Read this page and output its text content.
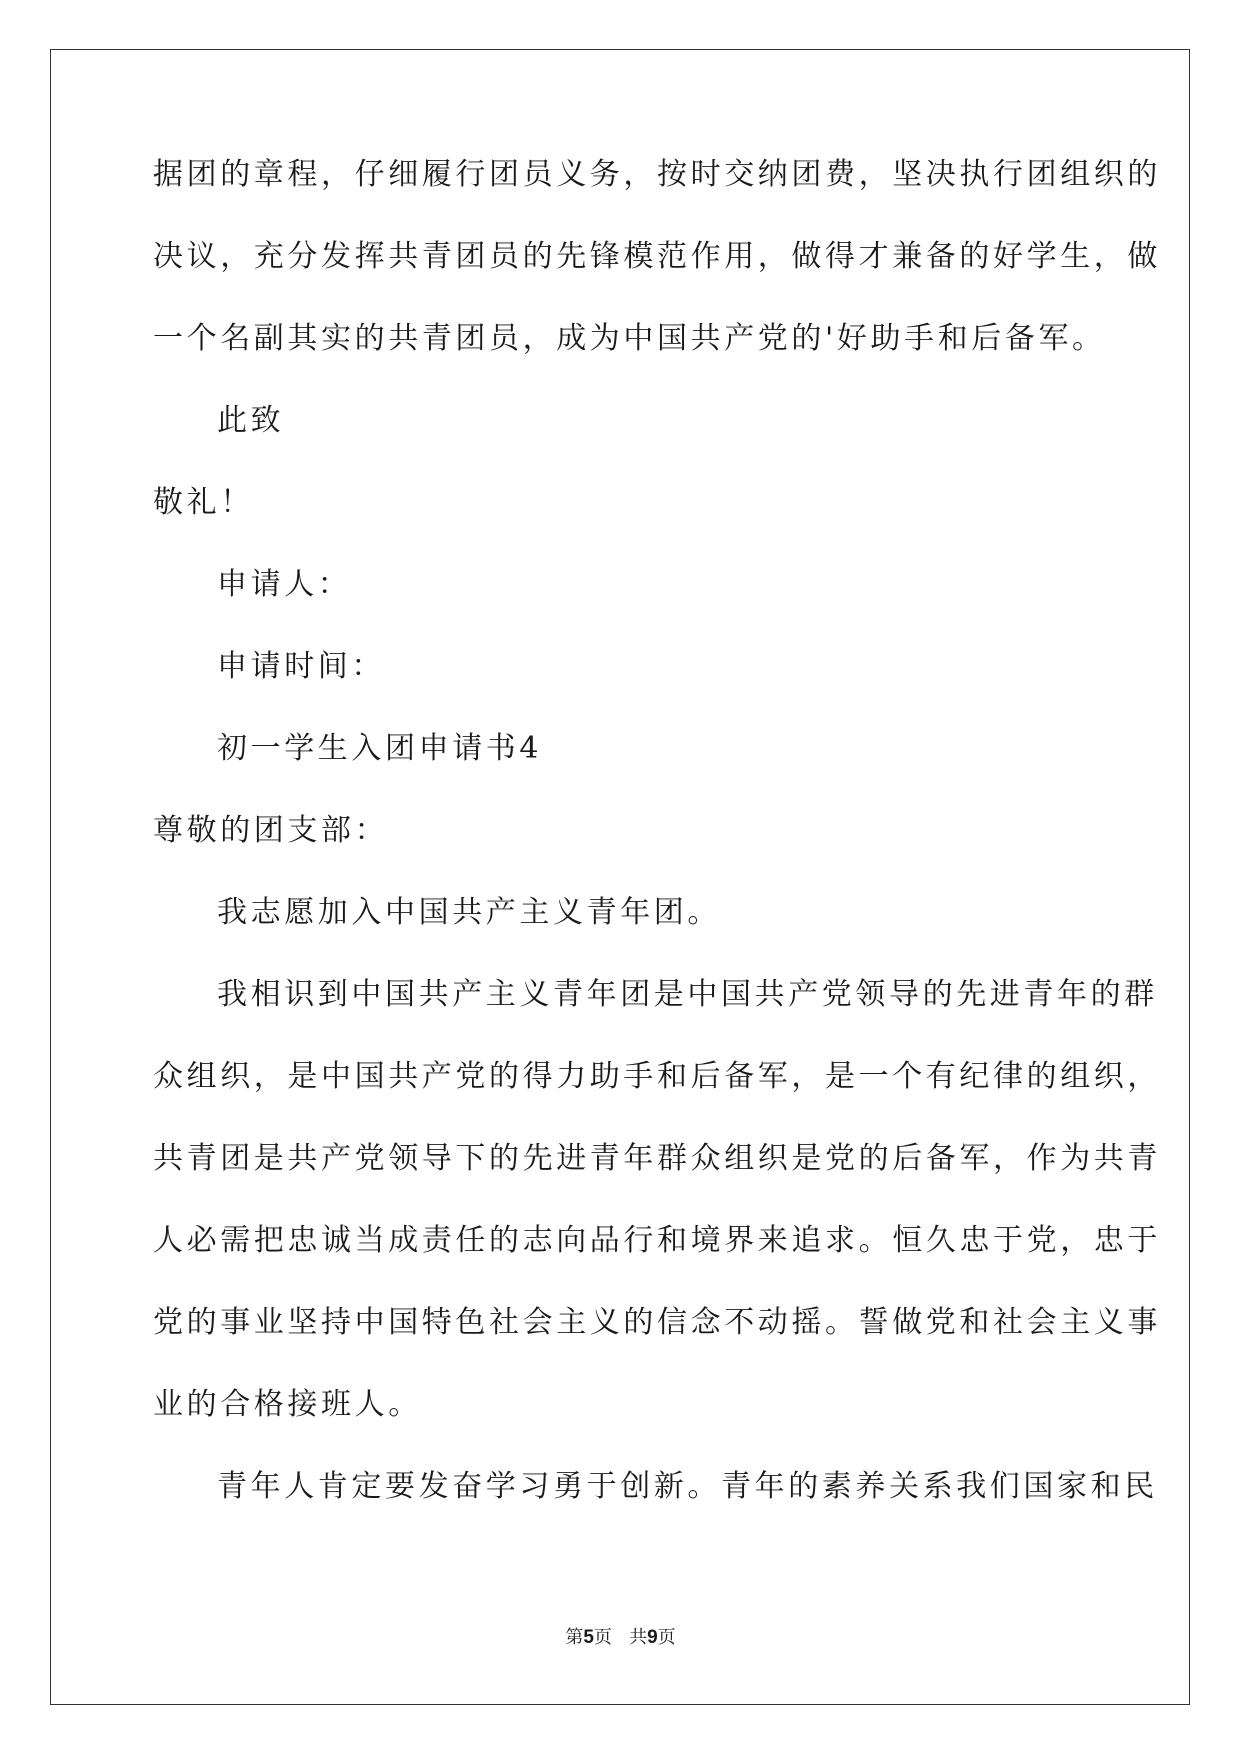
据团的章程，仔细履行团员义务，按时交纳团费，坚决执行团组织的
决议，充分发挥共青团员的先锋模范作用，做得才兼备的好学生，做
一个名副其实的共青团员，成为中国共产党的'好助手和后备军。
此致
敬礼！
申请人：
申请时间：
初一学生入团申请书4
尊敬的团支部：
我志愿加入中国共产主义青年团。
我相识到中国共产主义青年团是中国共产党领导的先进青年的群
众组织，是中国共产党的得力助手和后备军，是一个有纪律的组织，
共青团是共产党领导下的先进青年群众组织是党的后备军，作为共青
人必需把忠诚当成责任的志向品行和境界来追求。恒久忠于党，忠于
党的事业坚持中国特色社会主义的信念不动摇。誓做党和社会主义事
业的合格接班人。
青年人肯定要发奋学习勇于创新。青年的素养关系我们国家和民
第5页 共9页
